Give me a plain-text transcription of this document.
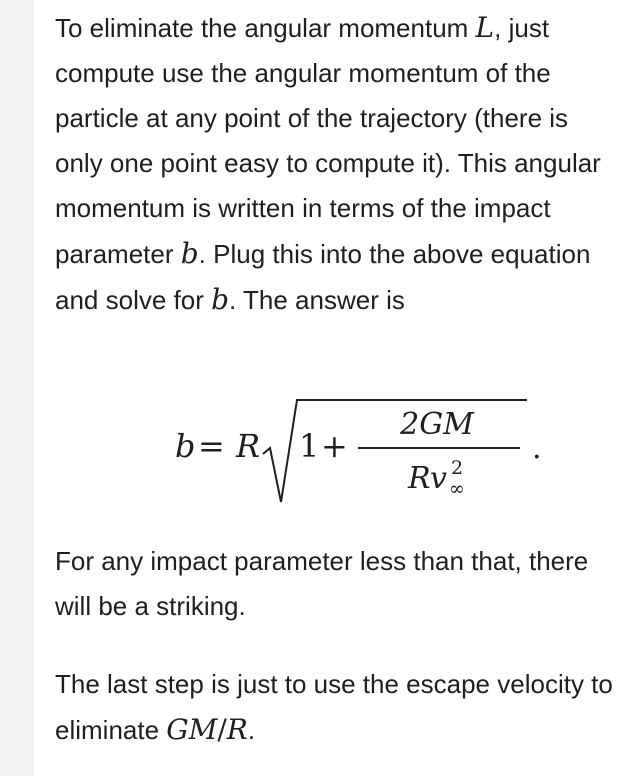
To eliminate the angular momentum L, just compute use the angular momentum of the particle at any point of the trajectory (there is only one point easy to compute it). This angular momentum is written in terms of the impact parameter b. Plug this into the above equation and solve for b. The answer is

b = R 1 +
2GM
R v 2
∞
.

For any impact parameter less than that, there will be a striking.

The last step is just to use the escape velocity to eliminate GM/R.
